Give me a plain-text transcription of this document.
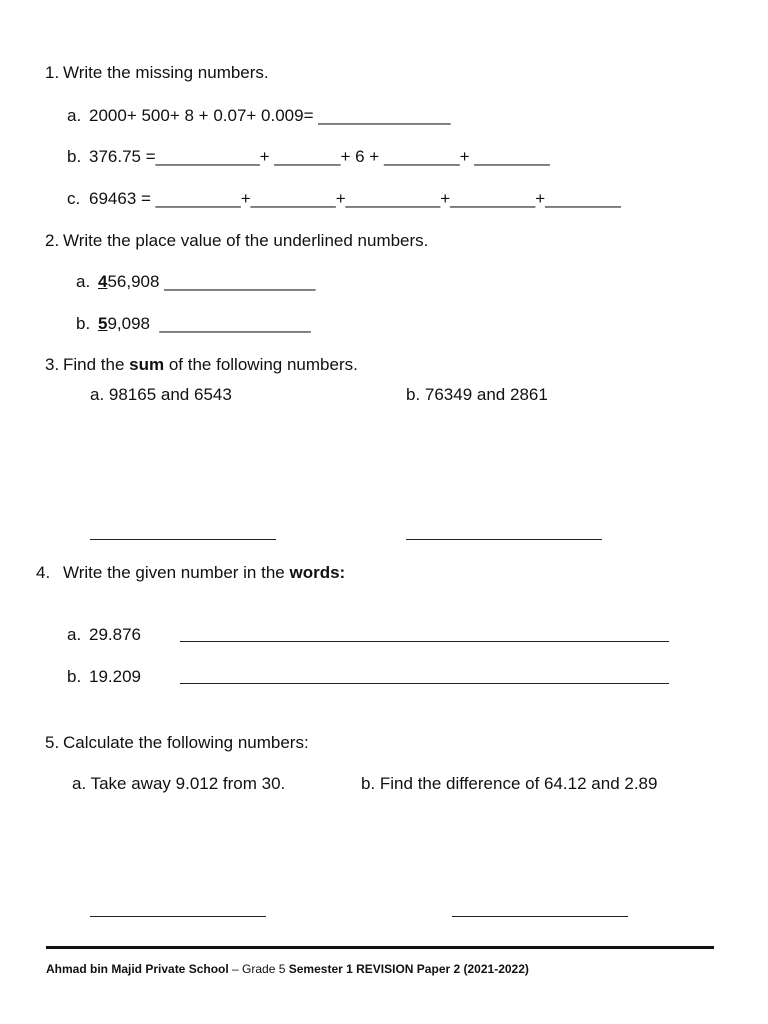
1. Write the missing numbers.
a. 2000+ 500+ 8 + 0.07+ 0.009= ______________
b. 376.75 =___________+ _______+ 6 + ________+ ________
c. 69463 = _________+_________+__________+_________+________
2. Write the place value of the underlined numbers.
a. 456,908 ________________
b. 59,098  ________________
3. Find the sum of the following numbers.
a. 98165 and 6543	b. 76349 and 2861
4. Write the given number in the words:
a. 29.876
b. 19.209
5. Calculate the following numbers:
a. Take away 9.012 from 30.	b. Find the difference of 64.12 and 2.89
Ahmad bin Majid Private School – Grade 5 Semester 1 REVISION Paper 2 (2021-2022)
